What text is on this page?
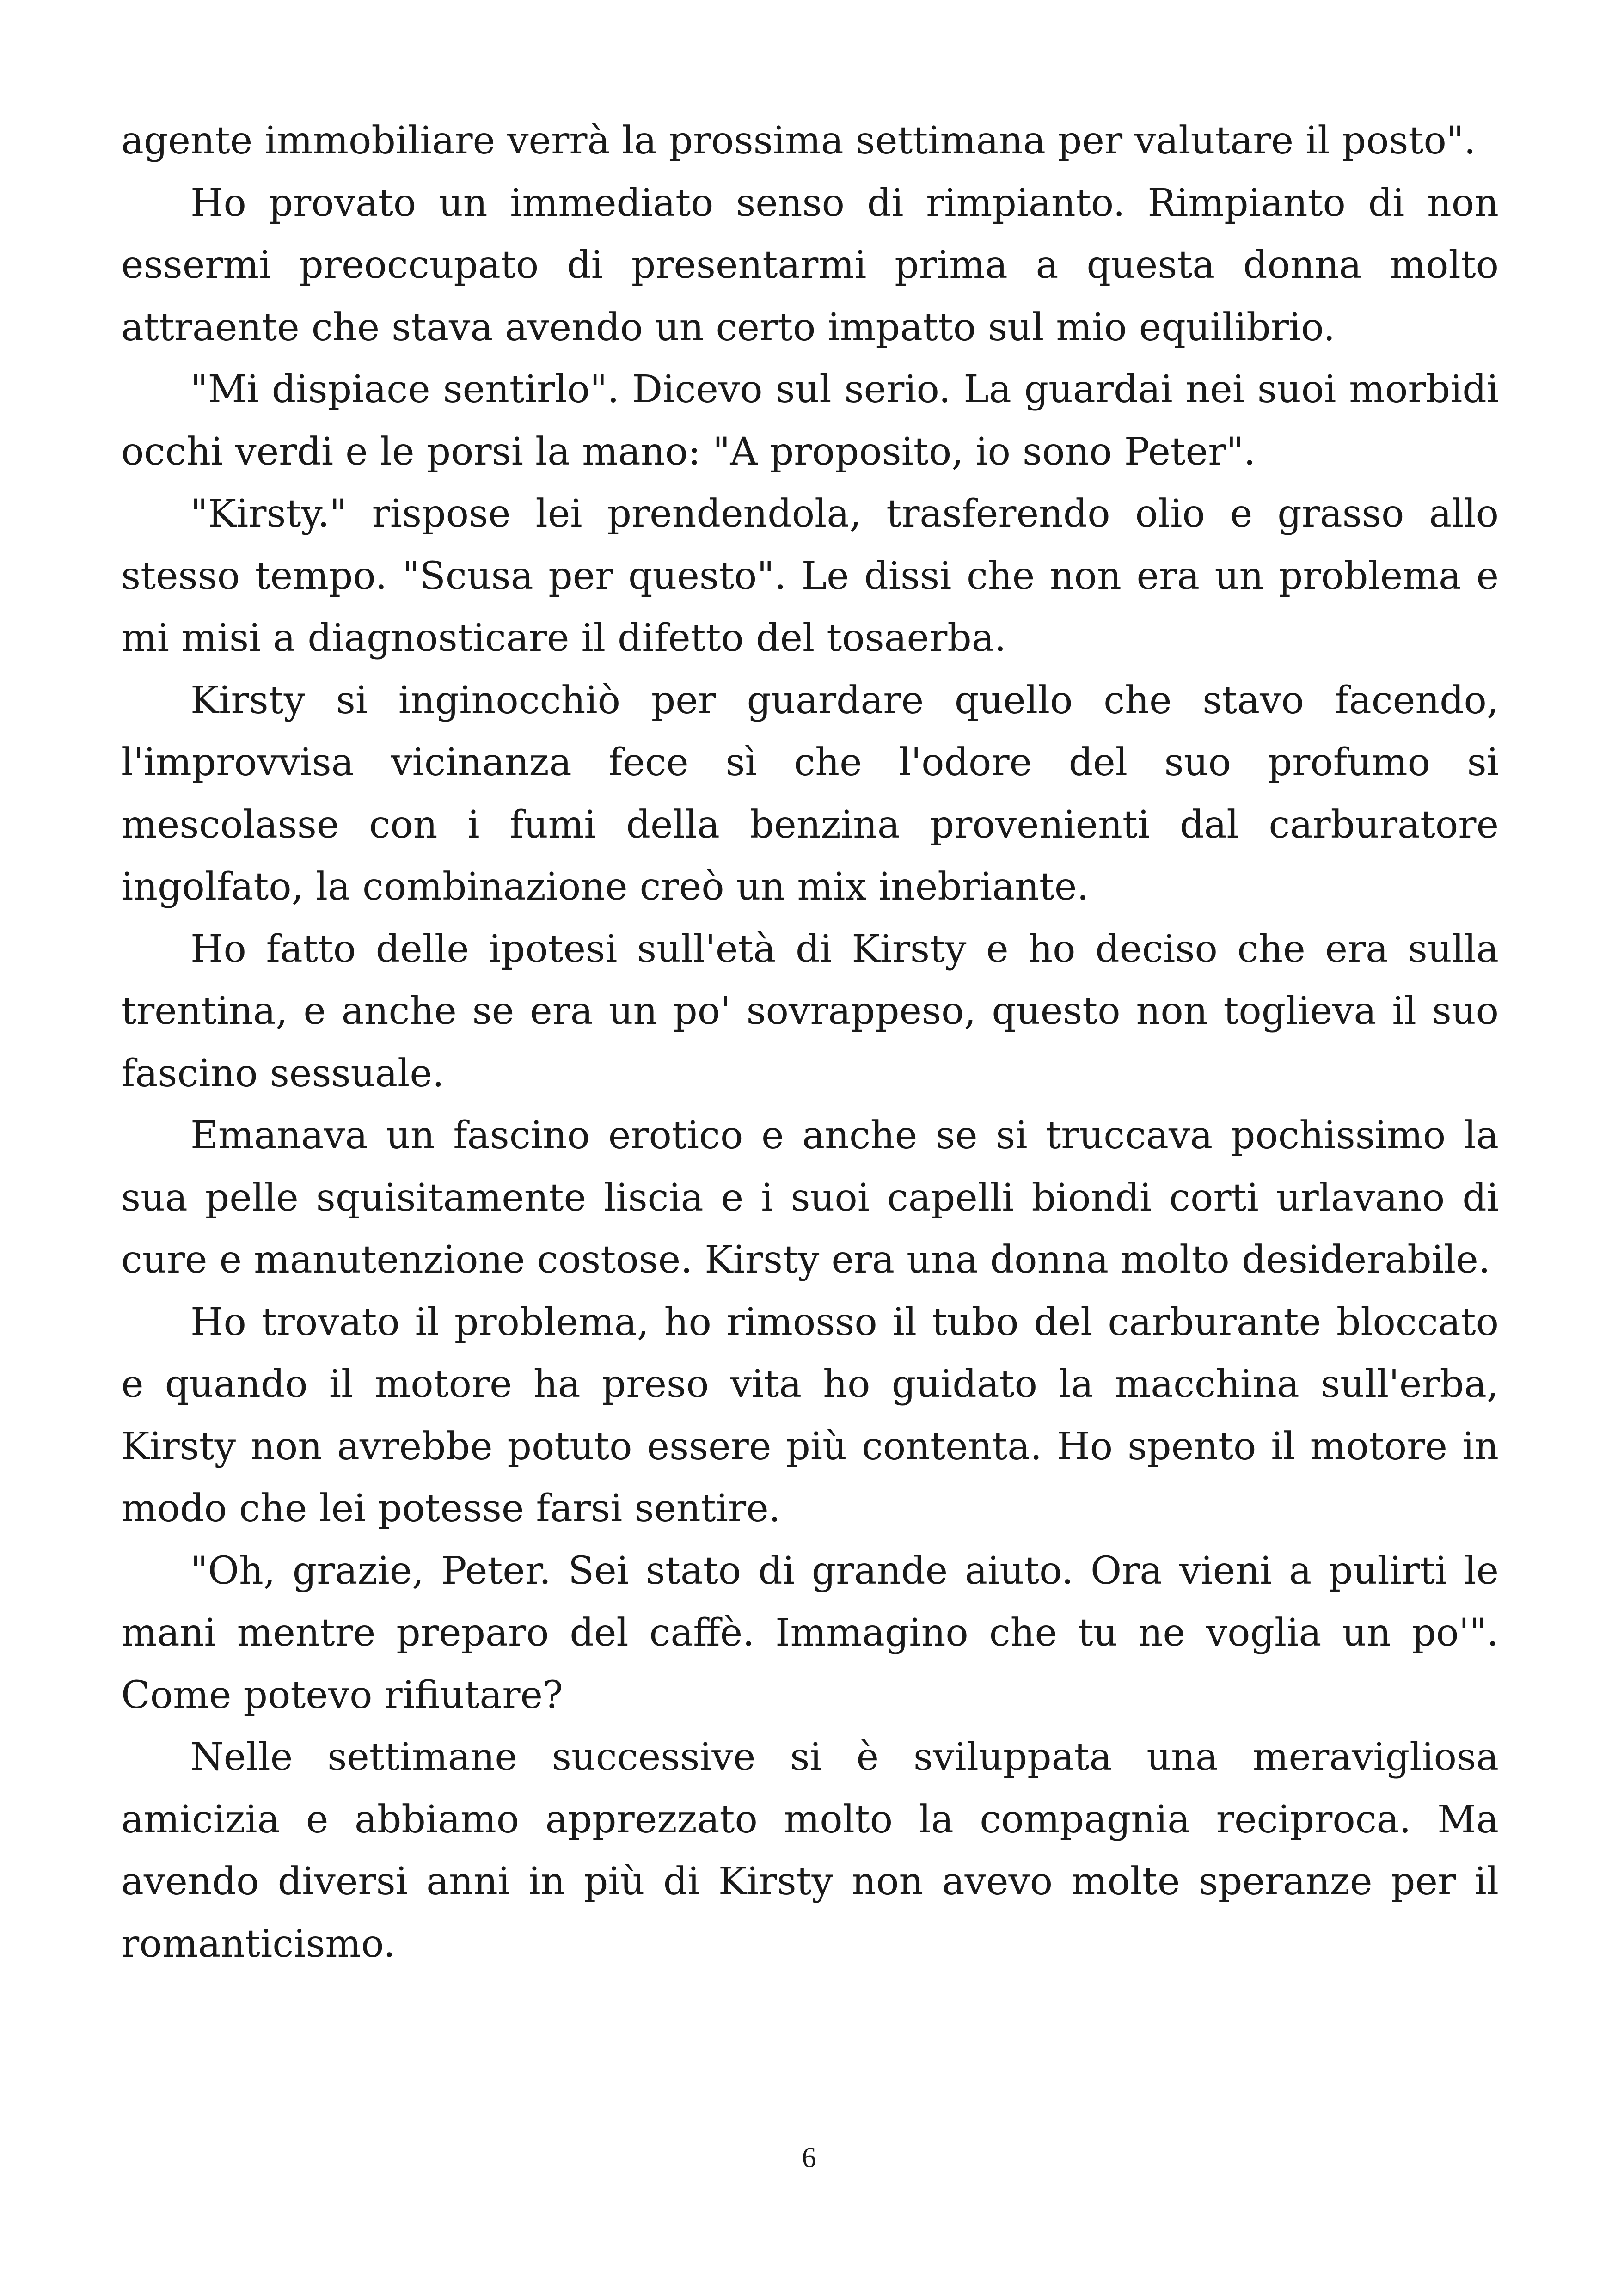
agente immobiliare verrà la prossima settimana per valutare il posto".

Ho provato un immediato senso di rimpianto. Rimpianto di non essermi preoccupato di presentarmi prima a questa donna molto attraente che stava avendo un certo impatto sul mio equilibrio.

"Mi dispiace sentirlo". Dicevo sul serio. La guardai nei suoi morbidi occhi verdi e le porsi la mano: "A proposito, io sono Peter".

"Kirsty." rispose lei prendendola, trasferendo olio e grasso allo stesso tempo. "Scusa per questo". Le dissi che non era un problema e mi misi a diagnosticare il difetto del tosaerba.

Kirsty si inginocchiò per guardare quello che stavo facendo, l'improvvisa vicinanza fece sì che l'odore del suo profumo si mescolasse con i fumi della benzina provenienti dal carburatore ingolfato, la combinazione creò un mix inebriante.

Ho fatto delle ipotesi sull'età di Kirsty e ho deciso che era sulla trentina, e anche se era un po' sovrappeso, questo non toglieva il suo fascino sessuale.

Emanava un fascino erotico e anche se si truccava pochissimo la sua pelle squisitamente liscia e i suoi capelli biondi corti urlavano di cure e manutenzione costose. Kirsty era una donna molto desiderabile.

Ho trovato il problema, ho rimosso il tubo del carburante bloccato e quando il motore ha preso vita ho guidato la macchina sull'erba, Kirsty non avrebbe potuto essere più contenta. Ho spento il motore in modo che lei potesse farsi sentire.

"Oh, grazie, Peter. Sei stato di grande aiuto. Ora vieni a pulirti le mani mentre preparo del caffè. Immagino che tu ne voglia un po'". Come potevo rifiutare?

Nelle settimane successive si è sviluppata una meravigliosa amicizia e abbiamo apprezzato molto la compagnia reciproca. Ma avendo diversi anni in più di Kirsty non avevo molte speranze per il romanticismo.

6
